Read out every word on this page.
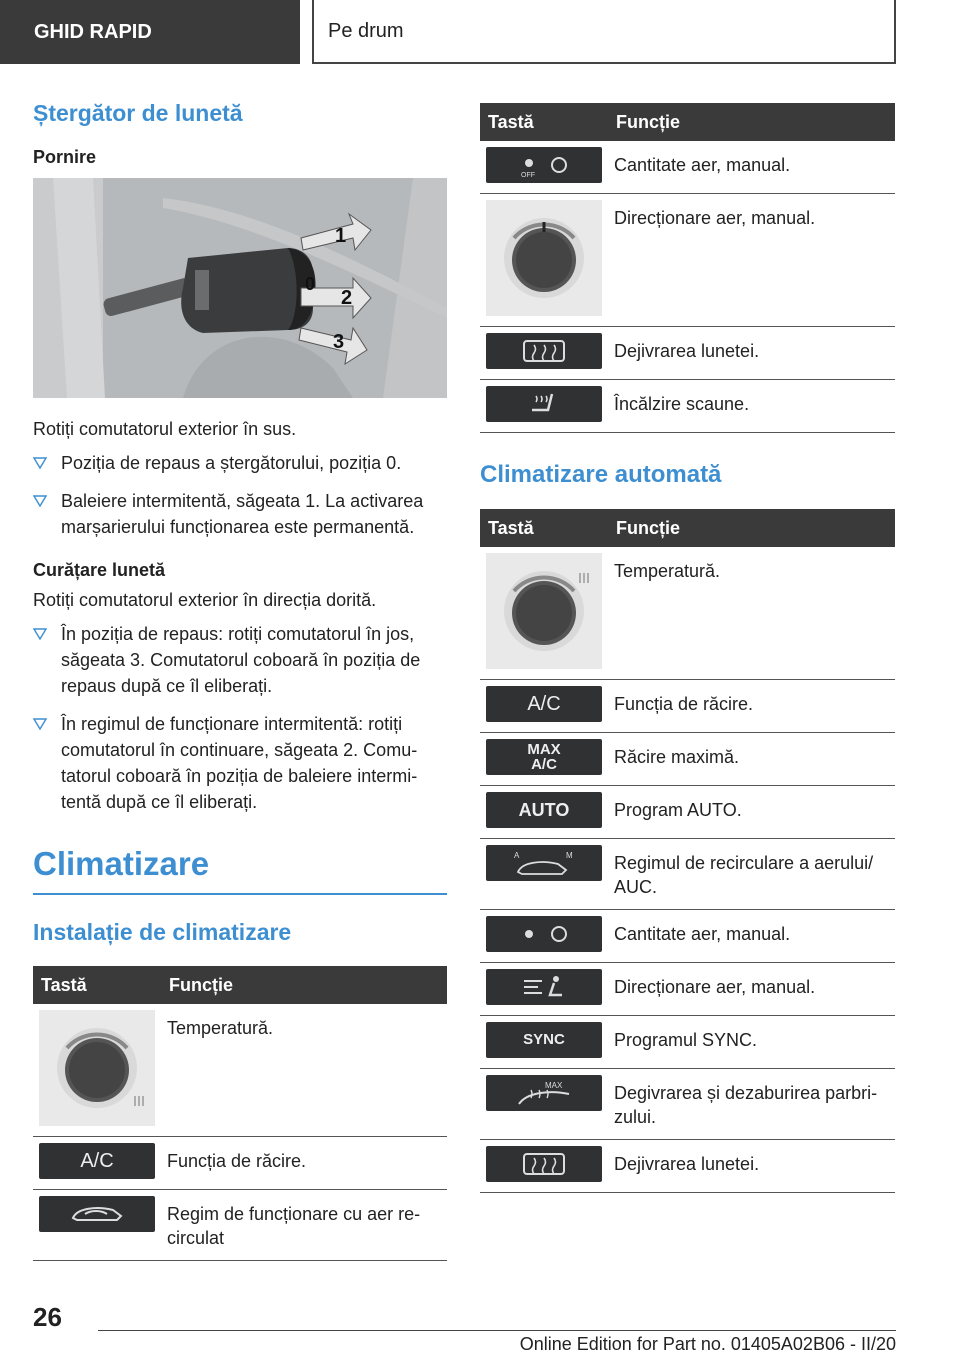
GHID RAPID	Pe drum
Ștergător de lunetă
Pornire
1
0
2
3

Rotiți comutatorul exterior în sus.

Poziția de repaus a ștergătorului, poziția 0.
Baleiere intermitentă, săgeata 1. La activarea marșarierului funcționarea este permanentă.
Curățare lunetă

Rotiți comutatorul exterior în direcția dorită.

În poziția de repaus: rotiți comutatorul în jos, săgeata 3. Comutatorul coboară în poziția de repaus după ce îl eliberați.
În regimul de funcționare intermitentă: rotiți comutatorul în continuare, săgeata 2. Comu-tatorul coboară în poziția de baleiere intermi-tentă după ce îl eliberați.
Climatizare
Instalație de climatizare
Tastă	Funcție

	Temperatură.

A/C	Funcția de răcire.

	Regim de funcționare cu aer re-circulat
Tastă	Funcție

OFF	Cantitate aer, manual.

	Direcționare aer, manual.

	Dejivrarea lunetei.

	Încălzire scaune.
Climatizare automată
Tastă	Funcție

	Temperatură.

A/C	Funcția de răcire.

MAX
A/C	Răcire maximă.

AUTO	Program AUTO.

A M	Regimul de recirculare a aerului/ AUC.

	Cantitate aer, manual.

	Direcționare aer, manual.

SYNC	Programul SYNC.

MAX	Degivrarea și dezaburirea parbri-zului.

	Dejivrarea lunetei.
26
Online Edition for Part no. 01405A02B06 - II/20
